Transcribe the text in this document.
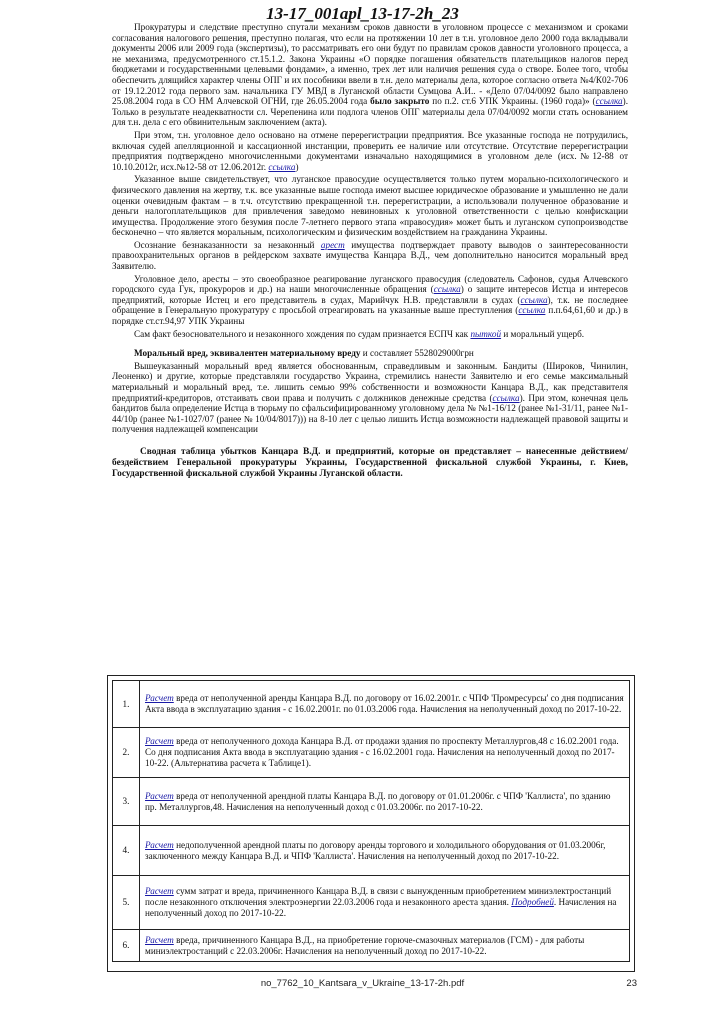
13-17_001apl_13-17-2h_23

Прокуратуры и следствие преступно спутали механизм сроков давности в уголовном процессе с механизмом и сроками согласования налогового решения, преступно полагая, что если на протяжении 10 лет в т.н. уголовное дело 2000 года вкладывали документы 2006 или 2009 года (экспертизы), то рассматривать его они будут по правилам сроков давности уголовного процесса, а не механизма, предусмотренного ст.15.1.2. Закона Украины «О порядке погашения обязательств плательщиков налогов перед бюджетами и государственными целевыми фондами», а именно, трех лет или наличия решения суда о створе. Более того, чтобы обеспечить длящийся характер члены ОПГ и их пособники ввели в т.н. дело материалы дела, которое согласно ответа №4/К02-706 от 19.12.2012 года первого зам. начальника ГУ МВД в Луганской области Сумцова А.И.. - «Дело 07/04/0092 было направлено 25.08.2004 года в СО НМ Алчевской ОГНИ, где 26.05.2004 года было закрыто по п.2. ст.6 УПК Украины. (1960 года)» (ссылка). Только в результате неадекватности сл. Черепенина или подлога членов ОПГ материалы дела 07/04/0092 могли стать основанием для т.н. дела с его обвинительным заключением (акта).

При этом, т.н. уголовное дело основано на отмене перерегистрации предприятия. Все указанные господа не потрудились, включая судей апелляционной и кассационной инстанции, проверить ее наличие или отсутствие. Отсутствие перерегистрации предприятия подтверждено многочисленными документами изначально находящимися в уголовном деле (исх.№12-88 от 10.10.2012г, исх.№12-58 от 12.06.2012г. ссылка)

Указанное выше свидетельствует, что луганское правосудие осуществляется только путем морально-психологического и физического давления на жертву, т.к. все указанные выше господа имеют высшее юридическое образование и умышленно не дали оценки очевидным фактам – в т.ч. отсутствию прекращенной т.н. перерегистрации, а использовали полученное образование и деньги налогоплательщиков для привлечения заведомо невиновных к уголовной ответственности с целью конфискации имущества. Продолжение этого безумия после 7-летнего первого этапа «правосудия» может быть и луганском супопроизводстве бесконечно – что является моральным, психологическим и физическим воздействием на гражданина Украины.

Осознание безнаказанности за незаконный арест имущества подтверждает правоту выводов о заинтересованности правоохранительных органов в рейдерском захвате имущества Канцара В.Д., чем дополнительно наносится моральный вред Заявителю.

Уголовное дело, аресты – это своеобразное реагирование луганского правосудия (следователь Сафонов, судья Алчевского городского суда Гук, прокуроров и др.) на наши многочисленные обращения (ссылка) о защите интересов Истца и интересов предприятий, которые Истец и его представитель в судах, Марийчук Н.В. представляли в судах (ссылка), т.к. не последнее обращение в Генеральную прокуратуру с просьбой отреагировать на указанные выше преступления (ссылка п.п.64,61,60 и др.) в порядке ст.ст.94,97 УПК Украины

Сам факт безосновательного и незаконного хождения по судам признается ЕСПЧ как пыткой и моральный ущерб.

Моральный вред, эквивалентен материальному вреду и составляет 5528029000грн

Вышеуказанный моральный вред является обоснованным, справедливым и законным. Бандиты (Широков, Чинилин, Леоненко) и другие, которые представляли государство Украина, стремились нанести Заявителю и его семье максимальный материальный и моральный вред, т.е. лишить семью 99% собственности и возможности Канцара В.Д., как представителя предприятий-кредиторов, отстаивать свои права и получить с должников денежные средства (ссылка). При этом, конечная цель бандитов была определение Истца в тюрьму по сфальсифицированному уголовному дела № №1-16/12 (ранее №1-31/11, ранее №1-44/10р (ранее №1-1027/07 (ранее № 10/04/8017))) на 8-10 лет с целью лишить Истца возможности надлежащей правовой защиты и получения надлежащей компенсации

Сводная таблица убытков Канцара В.Д. и предприятий, которые он представляет – нанесенные действием/бездействием Генеральной прокуратуры Украины, Государственной фискальной службой Украины, г. Киев, Государственной фискальной службой Украины Луганской области.

1.	Расчет вреда от неполученной аренды Канцара В.Д. по договору от 16.02.2001г. с ЧПФ 'Промресурсы' со дня подписания Акта ввода в эксплуатацию здания - с 16.02.2001г. по 01.03.2006 года. Начисления на неполученный доход по 2017-10-22.
2.	Расчет вреда от неполученного дохода Канцара В.Д. от продажи здания по проспекту Металлургов,48 с 16.02.2001 года. Со дня подписания Акта ввода в эксплуатацию здания - с 16.02.2001 года. Начисления на неполученный доход по 2017-10-22. (Альтернатива расчета к Таблице1).
3.	Расчет вреда от неполученной арендной платы Канцара В.Д. по договору от 01.01.2006г. с ЧПФ 'Каллиста', по зданию пр. Металлургов,48. Начисления на неполученный доход с 01.03.2006г. по 2017-10-22.
4.	Расчет недополученной арендной платы по договору аренды торгового и холодильного оборудования от 01.03.2006г, заключенного между Канцара В.Д. и ЧПФ 'Каллиста'. Начисления на неполученный доход по 2017-10-22.
5.	Расчет сумм затрат и вреда, причиненного Канцара В.Д. в связи с вынужденным приобретением миниэлектростанций после незаконного отключения электроэнергии 22.03.2006 года и незаконного ареста здания. Подробней. Начисления на неполученный доход по 2017-10-22.
6.	Расчет вреда, причиненного Канцара В.Д., на приобретение горюче-смазочных материалов (ГСМ) - для работы миниэлектростанций с 22.03.2006г. Начисления на неполученный доход по 2017-10-22.
no_7762_10_Kantsara_v_Ukraine_13-17-2h.pdf	23
